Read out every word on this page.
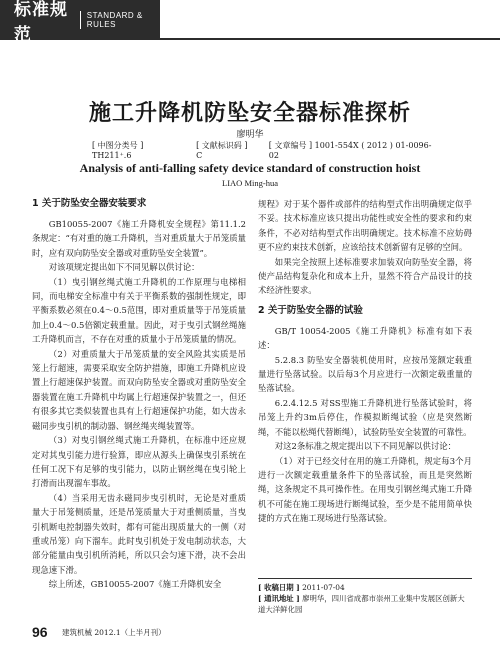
标准规范
STANDARD & RULES
施工升降机防坠安全器标准探析
廖明华
[ 中图分类号 ] TH211⁺.6
[ 文献标识码 ] C
[ 文章编号 ] 1001-554X ( 2012 ) 01-0096-02
Analysis of anti-falling safety device standard of construction hoist
LIAO Ming-hua
1 关于防坠安全器安装要求

GB10055-2007《施工升降机安全规程》第11.1.2条规定：“有对重的施工升降机，当对重质量大于吊笼质量时，应有双向防坠安全器或对重防坠安全装置”。

对该项规定提出如下不同见解以供讨论：

（1）曳引钢丝绳式施工升降机的工作原理与电梯相同，而电梯安全标准中有关于平衡系数的强制性规定，即平衡系数必须在0.4～0.5范围，即对重质量等于吊笼质量加上0.4～0.5倍额定载重量。因此，对于曳引式钢丝绳施工升降机而言，不存在对重的质量小于吊笼质量的情况。

（2）对重质量大于吊笼质量的安全风险其实质是吊笼上行超速，需要采取安全防护措施，即施工升降机应设置上行超速保护装置。而双向防坠安全器或对重防坠安全器装置在施工升降机中均属上行超速保护装置之一，但还有很多其它类似装置也具有上行超速保护功能，如大齿永磁同步曳引机的制动器、钢丝绳夹绳装置等。

（3）对曳引钢丝绳式施工升降机，在标准中还应规定对其曳引能力进行验算，即应从源头上确保曳引系统在任何工况下有足够的曳引能力，以防止钢丝绳在曳引轮上打滑而出现溜车事故。

（4）当采用无齿永磁同步曳引机时，无论是对重质量大于吊笼侧质量，还是吊笼质量大于对重侧质量，当曳引机断电控制器失效时，都有可能出现质量大的一侧（对重或吊笼）向下溜车。此时曳引机处于发电制动状态，大部分能量由曳引机所消耗，所以只会匀速下滑，决不会出现急速下滑。

综上所述，GB10055-2007《施工升降机安全

规程》对于某个器件或部件的结构型式作出明确规定似乎不妥。技术标准应该只提出功能性或安全性的要求和约束条件，不必对结构型式作出明确规定。技术标准不应妨碍更不应约束技术创新，应该给技术创新留有足够的空间。

如果完全按照上述标准要求加装双向防坠安全器，将使产品结构复杂化和成本上升，显然不符合产品设计的技术经济性要求。

2 关于防坠安全器的试验

GB/T 10054-2005《施工升降机》标准有如下表述：

5.2.8.3 防坠安全器装机使用时，应按吊笼额定载重量进行坠落试验。以后每3个月应进行一次额定载重量的坠落试验。

6.2.4.12.5 对SS型施工升降机进行坠落试验时，将吊笼上升约3m后停住，作模拟断绳试验（应是突然断绳，不能以松绳代替断绳），试验防坠安全装置的可靠性。

对这2条标准之规定提出以下不同见解以供讨论：

（1）对于已经交付在用的施工升降机，规定每3个月进行一次额定载重量条件下的坠落试验，而且是突然断绳，这条规定不具可操作性。在用曳引钢丝绳式施工升降机不可能在施工现场进行断绳试验，至少是不能用简单快捷的方式在施工现场进行坠落试验。

[ 收稿日期 ] 2011-07-04
[ 通讯地址 ] 廖明华，四川省成都市崇州工业集中发展区创新大道大洋鲜化园
96 建筑机械 2012.1（上半月刊）
